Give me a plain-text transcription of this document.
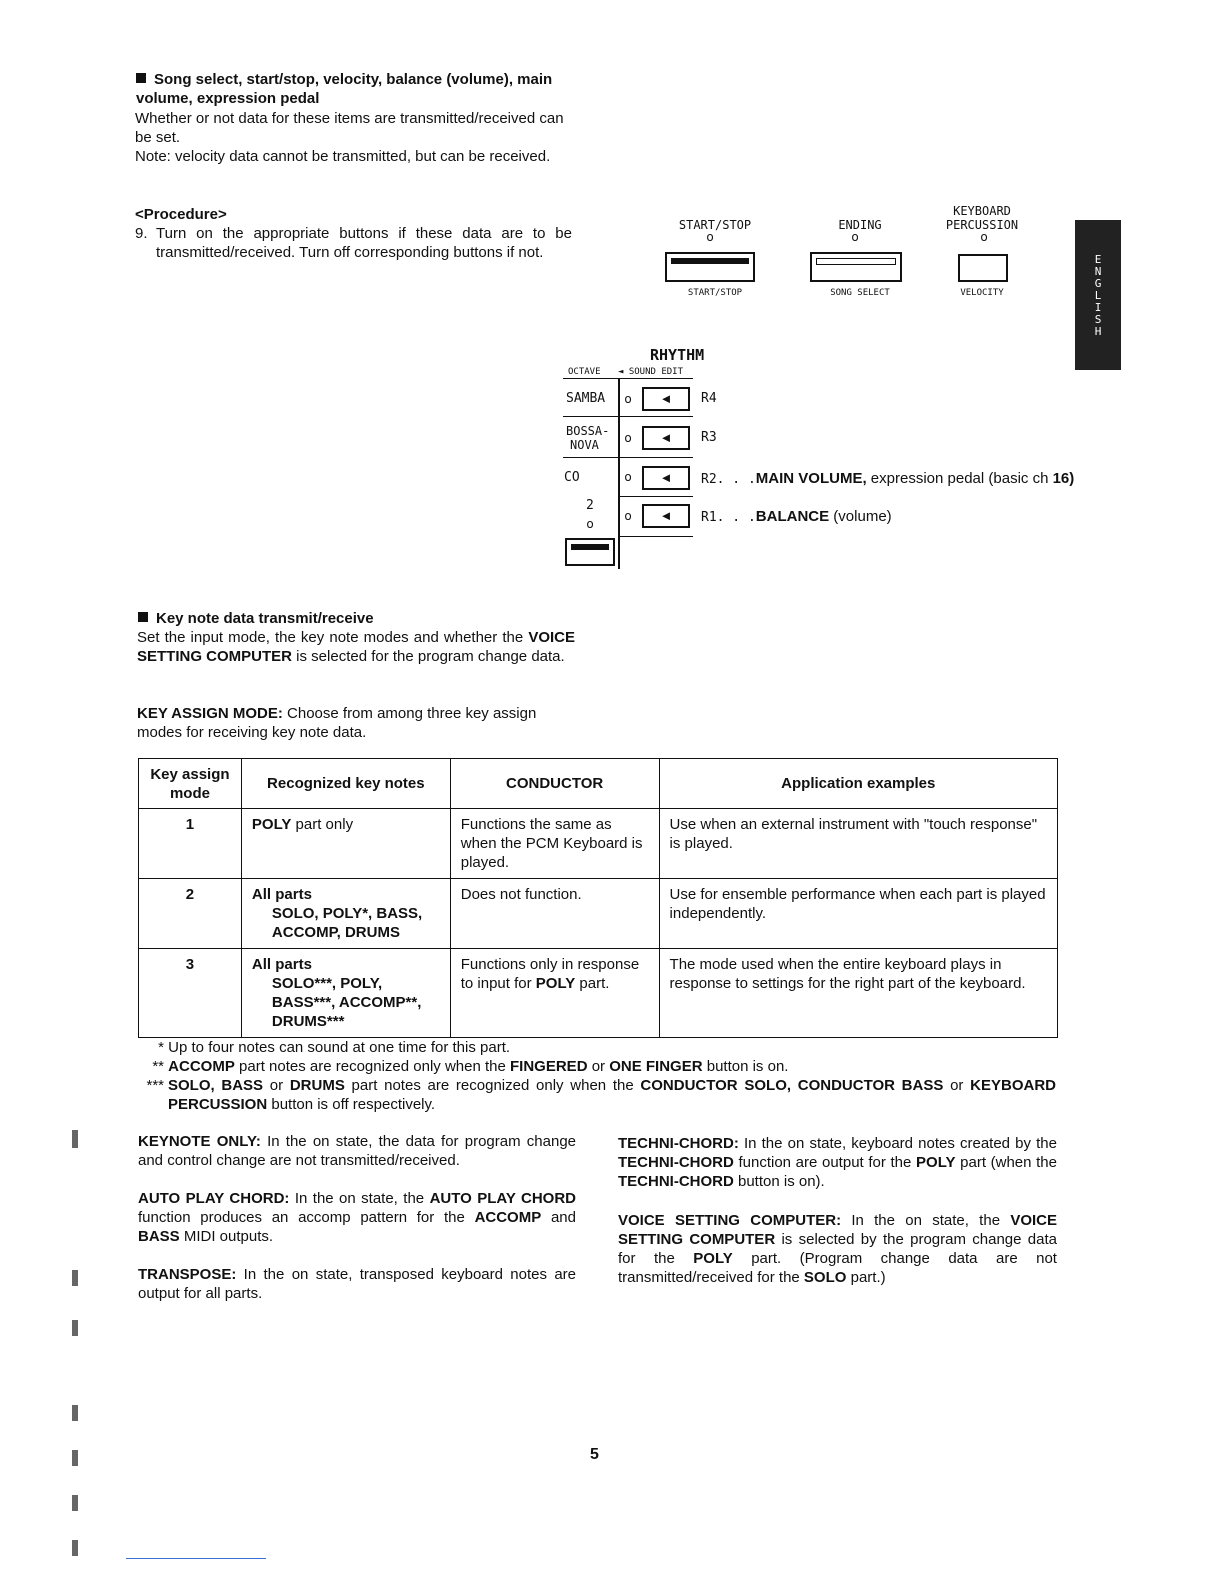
Song select, start/stop, velocity, balance (volume), main volume, expression pedal
Whether or not data for these items are transmitted/received can be set.
Note: velocity data cannot be transmitted, but can be received.
<Procedure>
9. Turn on the appropriate buttons if these data are to be transmitted/received. Turn off corresponding buttons if not.
START/STOP
o
ENDING
o
KEYBOARD
PERCUSSION
o
START/STOP	SONG SELECT	VELOCITY
E
N
G
L
I
S
H
RHYTHM
OCTAVE	◄ SOUND EDIT
SAMBA
BOSSA-
NOVA
CO
2
o
o
o
o
o
◄
◄
◄
◄
R4
R3
R2. . .MAIN VOLUME, expression pedal (basic ch 16)
R1. . .BALANCE (volume)
Key note data transmit/receive
Set the input mode, the key note modes and whether the VOICE SETTING COMPUTER is selected for the program change data.
KEY ASSIGN MODE: Choose from among three key assign modes for receiving key note data.
Key assign mode	Recognized key notes	CONDUCTOR	Application examples
1	POLY part only	Functions the same as when the PCM Keyboard is played.	Use when an external instrument with "touch response" is played.
2	All parts
SOLO, POLY*, BASS, ACCOMP, DRUMS	Does not function.	Use for ensemble performance when each part is played independently.
3	All parts
SOLO***, POLY, BASS***, ACCOMP**, DRUMS***	Functions only in response to input for POLY part.	The mode used when the entire keyboard plays in response to settings for the right part of the keyboard.
* Up to four notes can sound at one time for this part.
** ACCOMP part notes are recognized only when the FINGERED or ONE FINGER button is on.
*** SOLO, BASS or DRUMS part notes are recognized only when the CONDUCTOR SOLO, CONDUCTOR BASS or KEYBOARD PERCUSSION button is off respectively.
KEYNOTE ONLY: In the on state, the data for program change and control change are not transmitted/received.
AUTO PLAY CHORD: In the on state, the AUTO PLAY CHORD function produces an accomp pattern for the ACCOMP and BASS MIDI outputs.
TRANSPOSE: In the on state, transposed keyboard notes are output for all parts.
TECHNI-CHORD: In the on state, keyboard notes created by the TECHNI-CHORD function are output for the POLY part (when the TECHNI-CHORD button is on).
VOICE SETTING COMPUTER: In the on state, the VOICE SETTING COMPUTER is selected by the program change data for the POLY part. (Program change data are not transmitted/received for the SOLO part.)
5
